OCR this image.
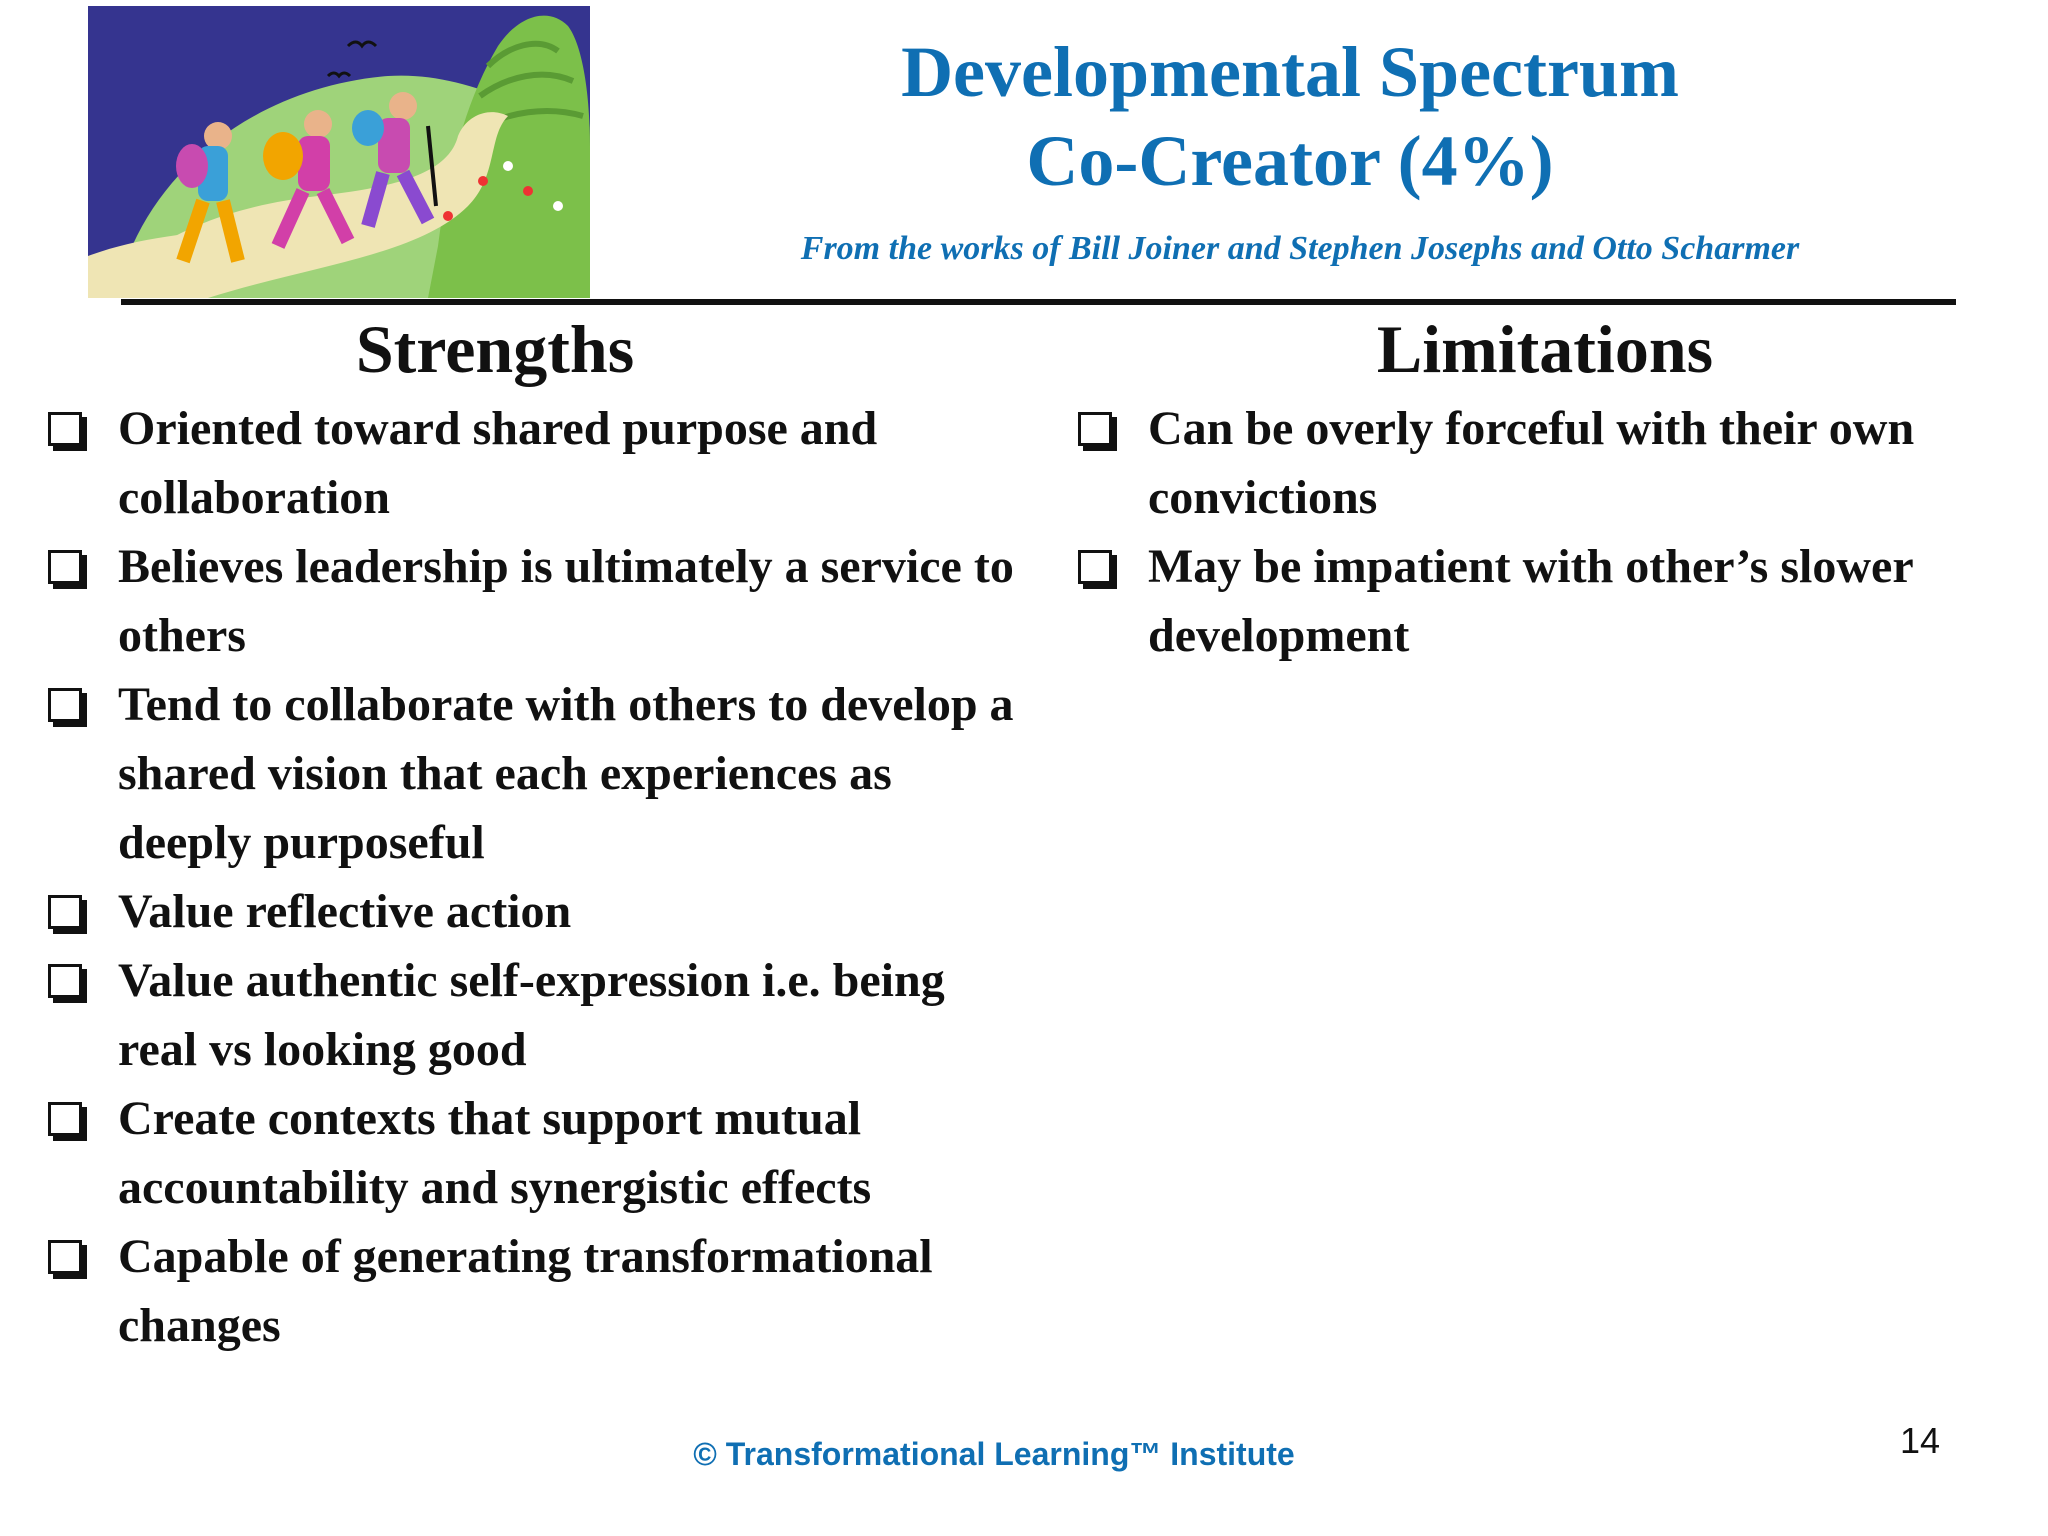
Developmental Spectrum
Co-Creator (4%)
From the works of Bill Joiner and Stephen Josephs and Otto Scharmer
Strengths
Oriented toward shared purpose and collaboration
Believes leadership is ultimately a service to others
Tend to collaborate with others to develop a shared vision that each experiences as deeply purposeful
Value reflective action
Value authentic self-expression i.e. being real vs looking good
Create contexts that support mutual accountability and synergistic effects
Capable of generating transformational changes
Limitations
Can be overly forceful with their own convictions
May be impatient with other’s slower development
© Transformational Learning™ Institute	14
